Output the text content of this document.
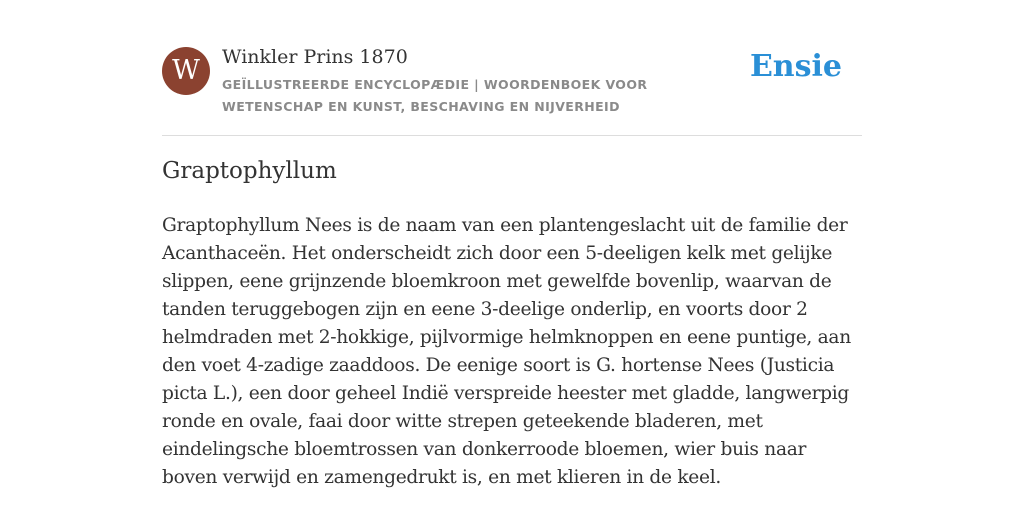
W	Winkler Prins 1870
GEÏLLUSTREERDE ENCYCLOPÆDIE | WOORDENBOEK VOOR WETENSCHAP EN KUNST, BESCHAVING EN NIJVERHEID
Ensie
Graptophyllum

Graptophyllum Nees is de naam van een plantengeslacht uit de familie der Acanthaceën. Het onderscheidt zich door een 5-deeligen kelk met gelijke slippen, eene grijnzende bloemkroon met gewelfde bovenlip, waarvan de tanden teruggebogen zijn en eene 3-deelige onderlip, en voorts door 2 helmdraden met 2-hokkige, pijlvormige helmknoppen en eene puntige, aan den voet 4-zadige zaaddoos. De eenige soort is G. hortense Nees (Justicia picta L.), een door geheel Indië verspreide heester met gladde, langwerpig ronde en ovale, faai door witte strepen geteekende bladeren, met eindelingsche bloemtrossen van donkerroode bloemen, wier buis naar boven verwijd en zamengedrukt is, en met klieren in de keel.
